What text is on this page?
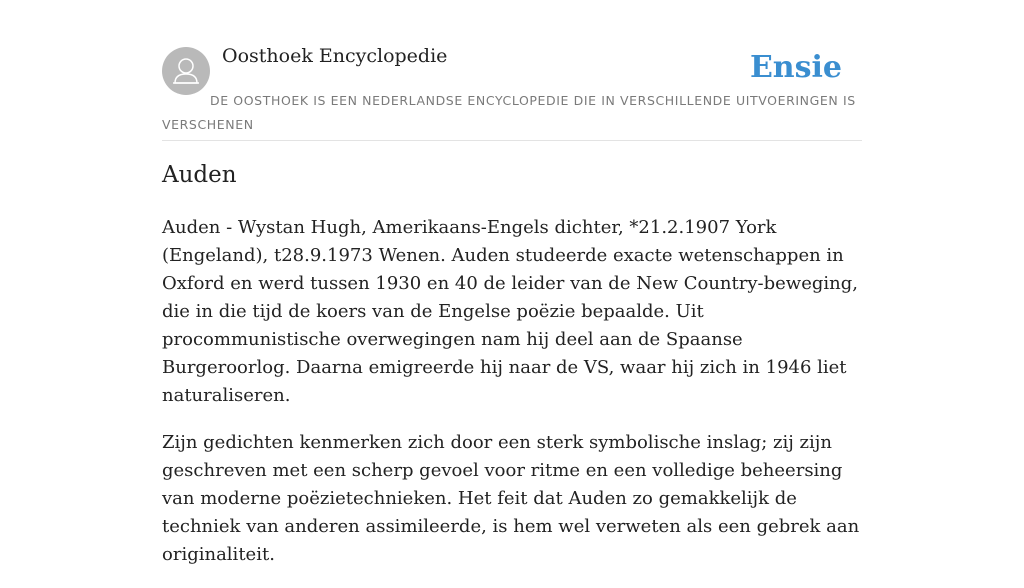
Oosthoek Encyclopedie	Ensie
DE OOSTHOEK IS EEN NEDERLANDSE ENCYCLOPEDIE DIE IN VERSCHILLENDE UITVOERINGEN IS VERSCHENEN
Auden

Auden - Wystan Hugh, Amerikaans-Engels dichter, *21.2.1907 York (Engeland), t28.9.1973 Wenen. Auden studeerde exacte wetenschappen in Oxford en werd tussen 1930 en 40 de leider van de New Country-beweging, die in die tijd de koers van de Engelse poëzie bepaalde. Uit procommunistische overwegingen nam hij deel aan de Spaanse Burgeroorlog. Daarna emigreerde hij naar de VS, waar hij zich in 1946 liet naturaliseren.

Zijn gedichten kenmerken zich door een sterk symbolische inslag; zij zijn geschreven met een scherp gevoel voor ritme en een volledige beheersing van moderne poëzietechnieken. Het feit dat Auden zo gemakkelijk de techniek van anderen assimileerde, is hem wel verweten als een gebrek aan originaliteit.
